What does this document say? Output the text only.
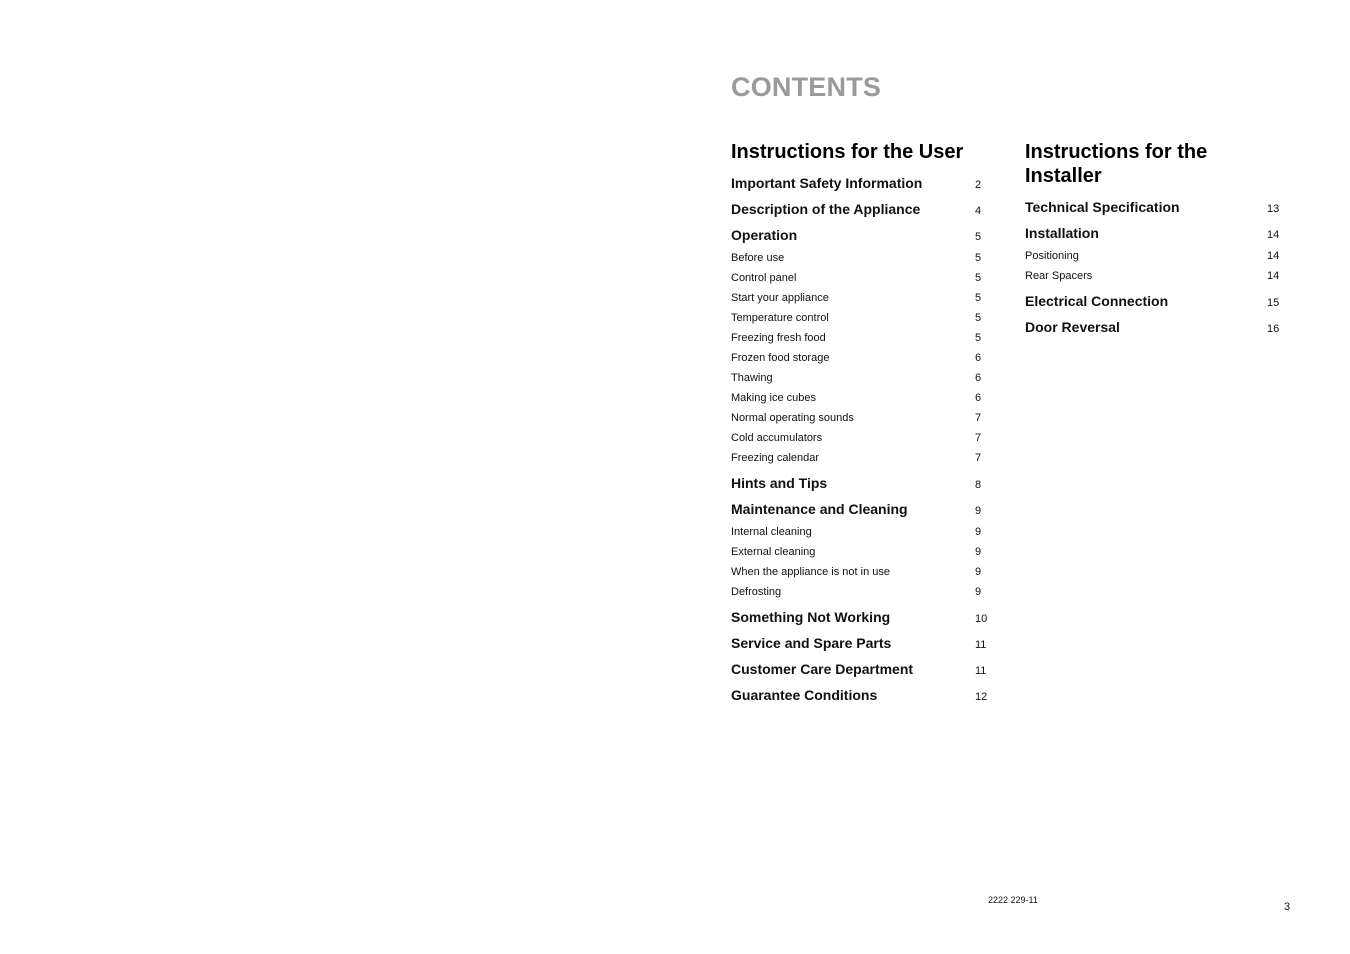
CONTENTS
Instructions for the User
Important Safety Information	2
Description of the Appliance	4
Operation	5
Before use	5
Control panel	5
Start your appliance	5
Temperature control	5
Freezing fresh food	5
Frozen food storage	6
Thawing	6
Making ice cubes	6
Normal operating sounds	7
Cold accumulators	7
Freezing calendar	7
Hints and Tips	8
Maintenance and Cleaning	9
Internal cleaning	9
External cleaning	9
When the appliance is not in use	9
Defrosting	9
Something Not Working	10
Service and Spare Parts	11
Customer Care Department	11
Guarantee Conditions	12
Instructions for the Installer
Technical Specification	13
Installation	14
Positioning	14
Rear Spacers	14
Electrical Connection	15
Door Reversal	16
2222 229-11
3
